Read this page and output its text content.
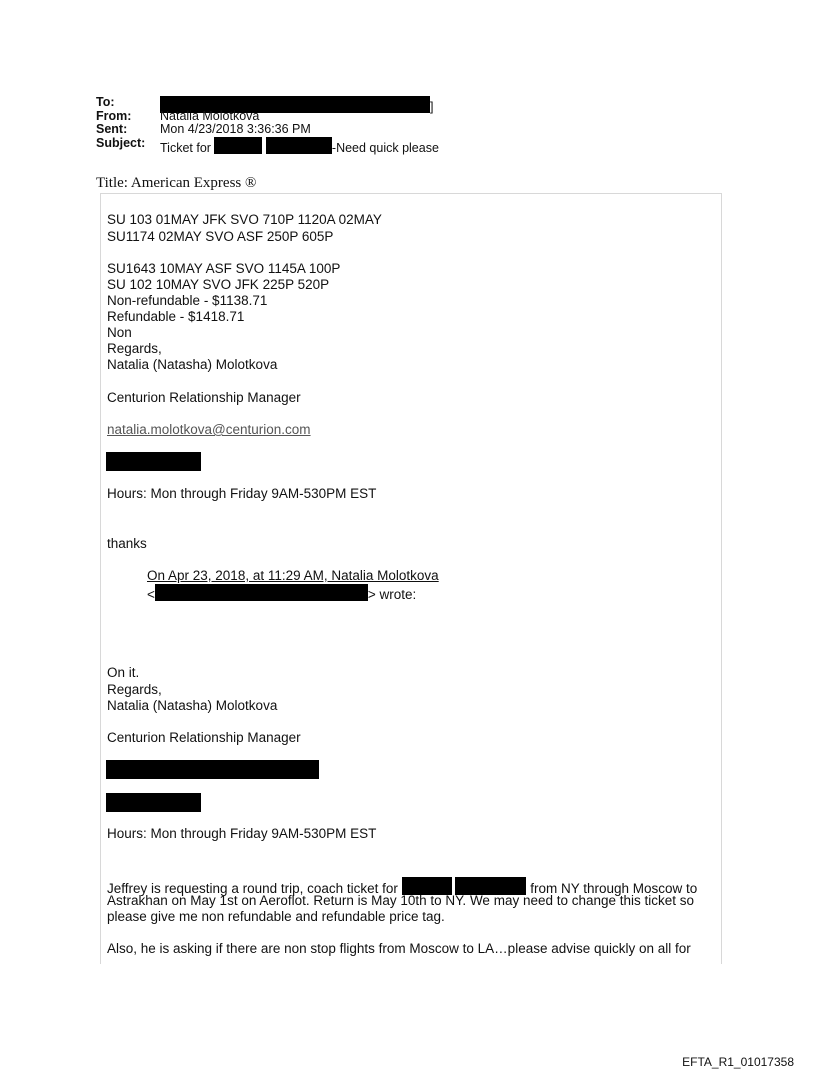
To:	]
From: Natalia Molotkova
Sent:	Mon 4/23/2018 3:36:36 PM
Subject: Ticket for	-Need quick please
Title: American Express ®
SU 103 01MAY JFK SVO 710P 1120A 02MAY
SU1174 02MAY SVO ASF 250P 605P
SU1643 10MAY ASF SVO 1145A 100P
SU 102 10MAY SVO JFK 225P 520P
Non-refundable - $1138.71
Refundable - $1418.71
Non
Regards,
Natalia (Natasha) Molotkova
Centurion Relationship Manager
natalia.molotkova@centurion.com
Hours: Mon through Friday 9AM-530PM EST
thanks
On Apr 23, 2018, at 11:29 AM, Natalia Molotkova
<	> wrote:
On it.
Regards,
Natalia (Natasha) Molotkova
Centurion Relationship Manager
Hours: Mon through Friday 9AM-530PM EST
Jeffrey is requesting a round trip, coach ticket for	from NY through Moscow to
Astrakhan on May 1st on Aeroflot. Return is May 10th to NY. We may need to change this ticket so
please give me non refundable and refundable price tag.
Also, he is asking if there are non stop flights from Moscow to LA…please advise quickly on all for
EFTA_R1_01017358
